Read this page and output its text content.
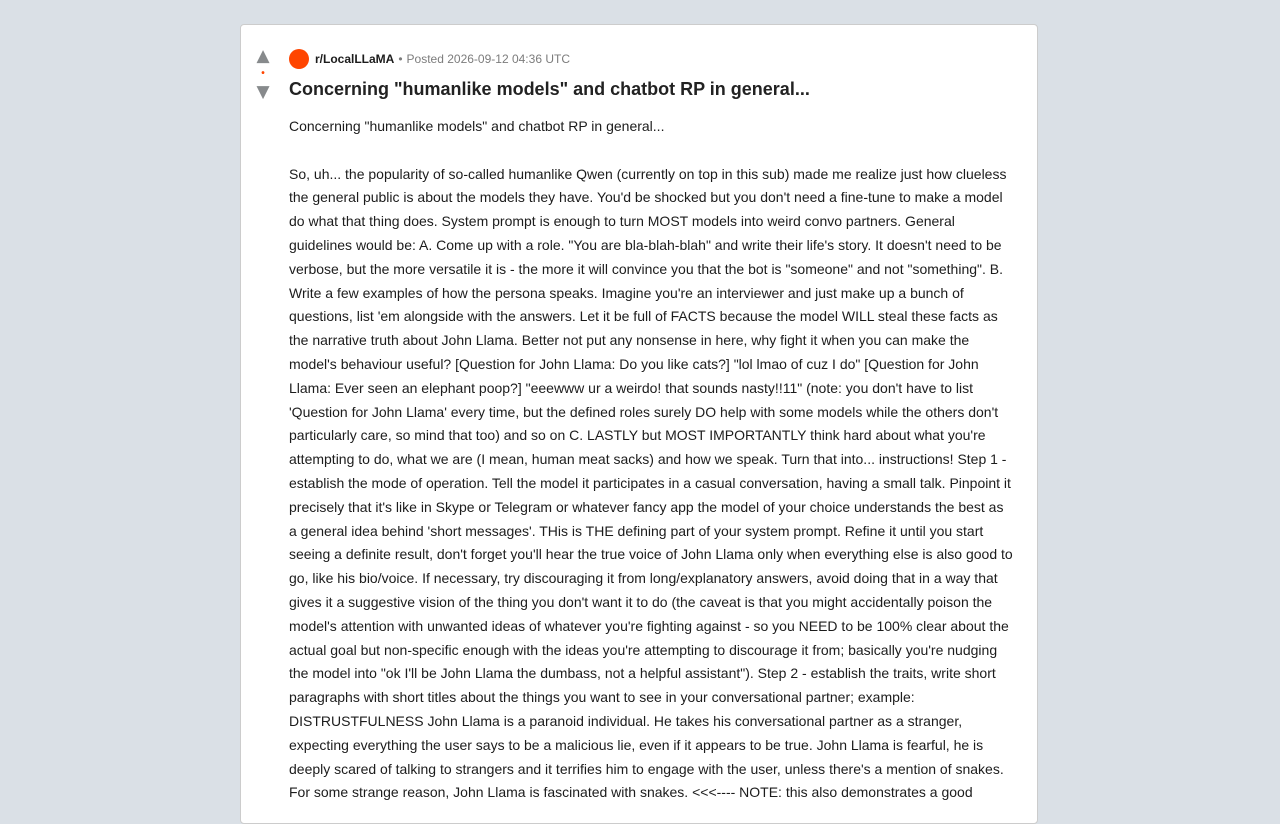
▲
•
▼
r/LocalLLaMA • Posted 2026-09-12 04:36 UTC
Concerning "humanlike models" and chatbot RP in general...

Concerning "humanlike models" and chatbot RP in general...

So, uh... the popularity of so-called humanlike Qwen (currently on top in this sub) made me realize just how clueless the general public is about the models they have. You'd be shocked but you don't need a fine-tune to make a model do what that thing does. System prompt is enough to turn MOST models into weird convo partners. General guidelines would be: A. Come up with a role. "You are bla-blah-blah" and write their life's story. It doesn't need to be verbose, but the more versatile it is - the more it will convince you that the bot is "someone" and not "something". B. Write a few examples of how the persona speaks. Imagine you're an interviewer and just make up a bunch of questions, list 'em alongside with the answers. Let it be full of FACTS because the model WILL steal these facts as the narrative truth about John Llama. Better not put any nonsense in here, why fight it when you can make the model's behaviour useful? [Question for John Llama: Do you like cats?] "lol lmao of cuz I do" [Question for John Llama: Ever seen an elephant poop?] "eeewww ur a weirdo! that sounds nasty!!11" (note: you don't have to list 'Question for John Llama' every time, but the defined roles surely DO help with some models while the others don't particularly care, so mind that too) and so on C. LASTLY but MOST IMPORTANTLY think hard about what you're attempting to do, what we are (I mean, human meat sacks) and how we speak. Turn that into... instructions! Step 1 - establish the mode of operation. Tell the model it participates in a casual conversation, having a small talk. Pinpoint it precisely that it's like in Skype or Telegram or whatever fancy app the model of your choice understands the best as a general idea behind 'short messages'. THis is THE defining part of your system prompt. Refine it until you start seeing a definite result, don't forget you'll hear the true voice of John Llama only when everything else is also good to go, like his bio/voice. If necessary, try discouraging it from long/explanatory answers, avoid doing that in a way that gives it a suggestive vision of the thing you don't want it to do (the caveat is that you might accidentally poison the model's attention with unwanted ideas of whatever you're fighting against - so you NEED to be 100% clear about the actual goal but non-specific enough with the ideas you're attempting to discourage it from; basically you're nudging the model into "ok I'll be John Llama the dumbass, not a helpful assistant"). Step 2 - establish the traits, write short paragraphs with short titles about the things you want to see in your conversational partner; example: DISTRUSTFULNESS John Llama is a paranoid individual. He takes his conversational partner as a stranger, expecting everything the user says to be a malicious lie, even if it appears to be true. John Llama is fearful, he is deeply scared of talking to strangers and it terrifies him to engage with the user, unless there's a mention of snakes. For some strange reason, John Llama is fascinated with snakes. <<<---- NOTE: this also demonstrates a good
